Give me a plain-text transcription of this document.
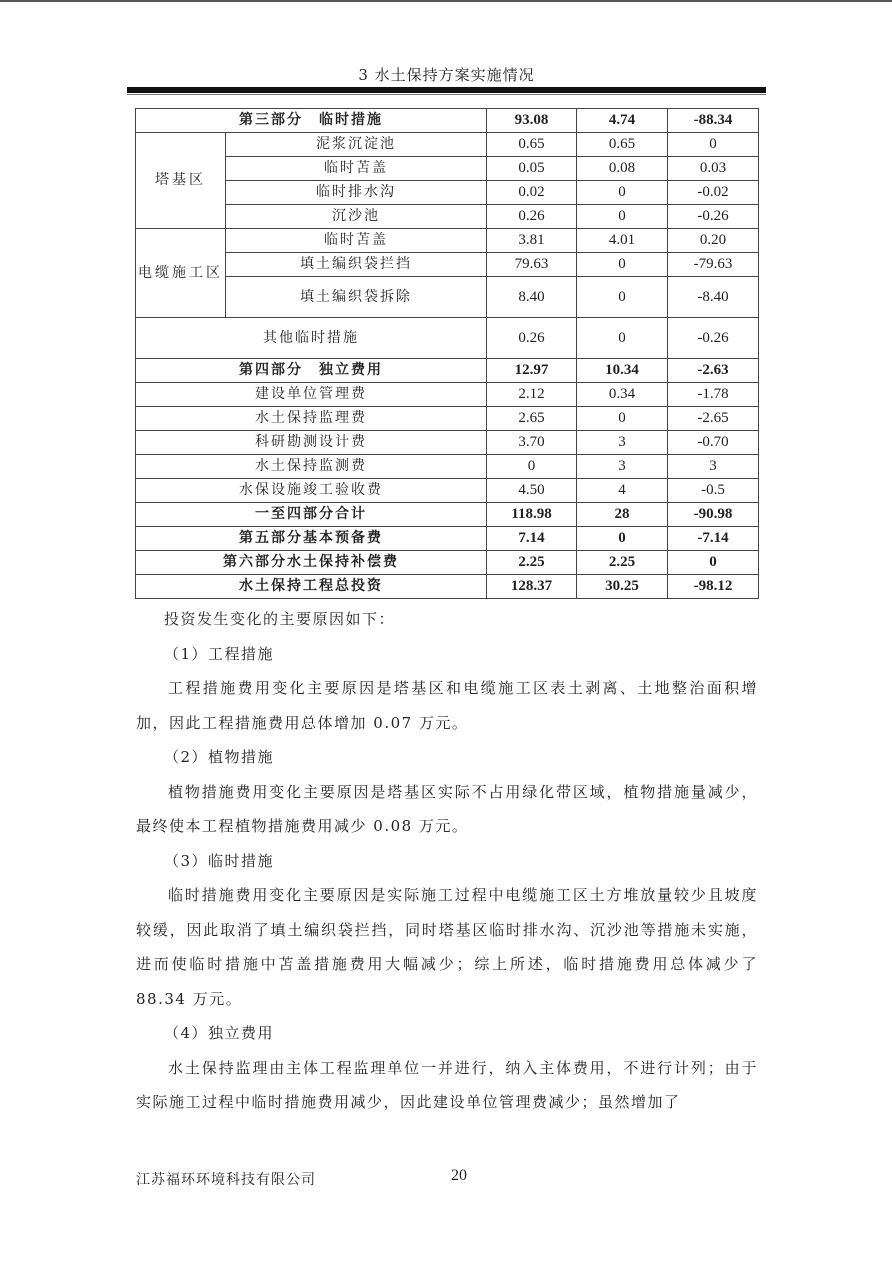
3 水土保持方案实施情况
第三部分　临时措施		93.08	4.74	-88.34
塔基区	泥浆沉淀池	0.65	0.65	0
	临时苫盖	0.05	0.08	0.03
	临时排水沟	0.02	0	-0.02
	沉沙池	0.26	0	-0.26
电缆施工区	临时苫盖	3.81	4.01	0.20
	填土编织袋拦挡	79.63	0	-79.63
	填土编织袋拆除	8.40	0	-8.40
其他临时措施		0.26	0	-0.26
第四部分　独立费用		12.97	10.34	-2.63
建设单位管理费		2.12	0.34	-1.78
水土保持监理费		2.65	0	-2.65
科研勘测设计费		3.70	3	-0.70
水土保持监测费		0	3	3
水保设施竣工验收费		4.50	4	-0.5
一至四部分合计		118.98	28	-90.98
第五部分基本预备费		7.14	0	-7.14
第六部分水土保持补偿费		2.25	2.25	0
水土保持工程总投资		128.37	30.25	-98.12

投资发生变化的主要原因如下：

（1）工程措施

工程措施费用变化主要原因是塔基区和电缆施工区表土剥离、土地整治面积增加，因此工程措施费用总体增加 0.07 万元。

（2）植物措施

植物措施费用变化主要原因是塔基区实际不占用绿化带区域，植物措施量减少，最终使本工程植物措施费用减少 0.08 万元。

（3）临时措施

临时措施费用变化主要原因是实际施工过程中电缆施工区土方堆放量较少且坡度较缓，因此取消了填土编织袋拦挡，同时塔基区临时排水沟、沉沙池等措施未实施，进而使临时措施中苫盖措施费用大幅减少；综上所述，临时措施费用总体减少了 88.34 万元。

（4）独立费用

水土保持监理由主体工程监理单位一并进行，纳入主体费用，不进行计列；由于实际施工过程中临时措施费用减少，因此建设单位管理费减少；虽然增加了

江苏福环环境科技有限公司	20
